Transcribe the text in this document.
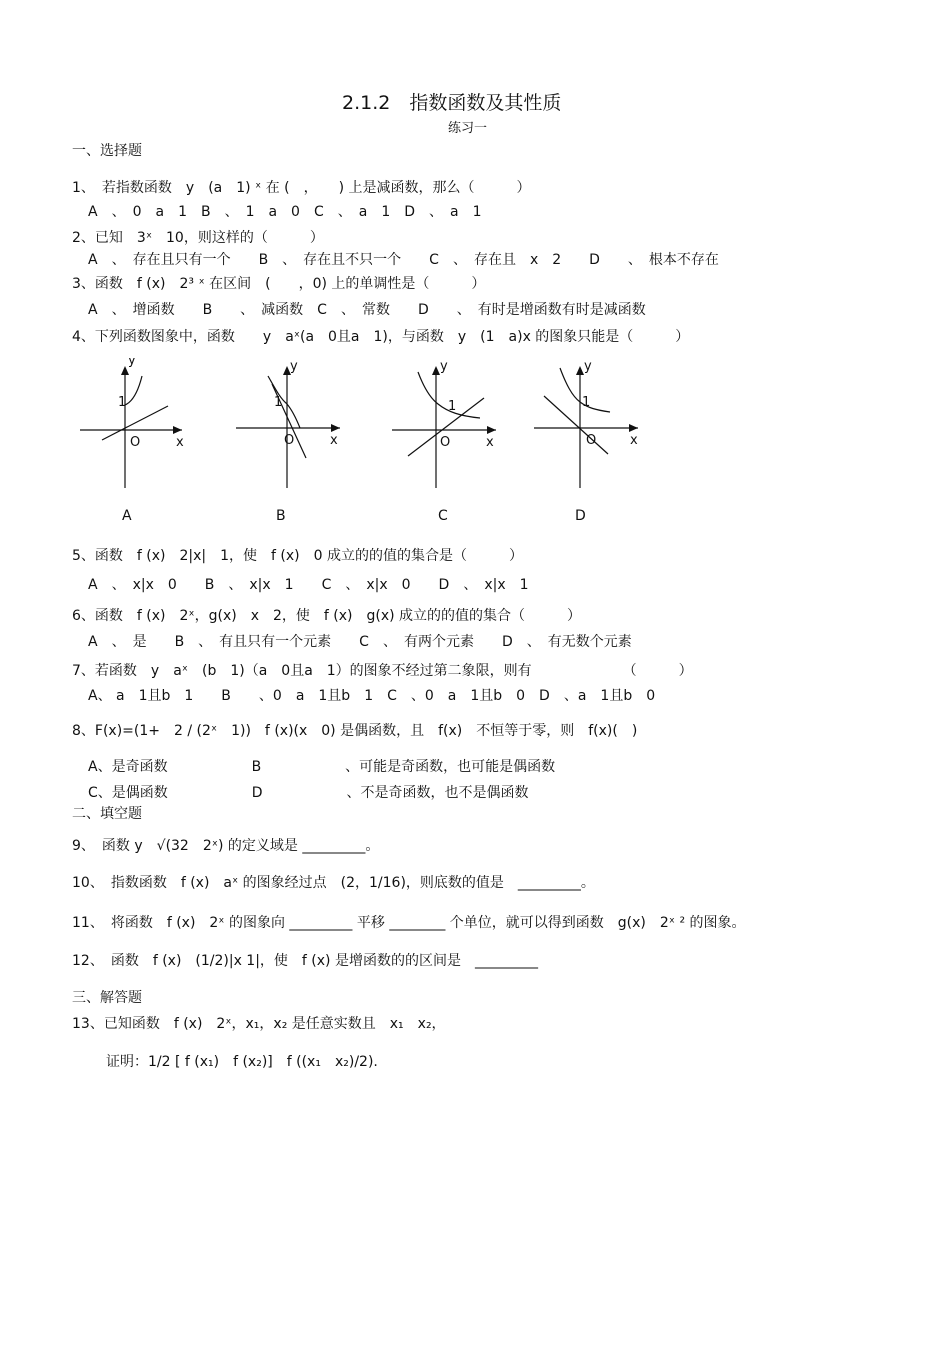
2.1.2　指数函数及其性质
练习一
一、选择题
1、　若指数函数　y　(a　1) ˣ 在 (　，　　) 上是减函数，那么（　　　）
A　、　0　a　1　B　、　1　a　0　C　、　a　1　D　、　a　1
2、已知　3ˣ　10，则这样的（　　　）
A　、　存在且只有一个　　B　、　存在且不只一个　　C　、　存在且　x　2　　D　　、　根本不存在
3、函数　f (x)　2³ ˣ 在区间　(　　，0) 上的单调性是（　　　）
A　、　增函数　　B　　、　减函数　C　、　常数　　D　　、　有时是增函数有时是减函数
4、下列函数图象中，函数　　y　aˣ(a　0且a　1)，与函数　y　(1　a)x 的图象只能是（　　　）
y
1
O	x
y
1
O	x
y
1
O	x
y
1
O	x
A	B	C	D
5、函数　f (x)　2|x|　1，使　f (x)　0 成立的的值的集合是（　　　）
A　、　x|x　0　　B　、　x|x　1　　C　、　x|x　0　　D　、　x|x　1
6、函数　f (x)　2ˣ，g(x)　x　2，使　f (x)　g(x) 成立的的值的集合（　　　）
A　、　是　　B　、　有且只有一个元素　　C　、　有两个元素　　D　、　有无数个元素
7、若函数　y　aˣ　(b　1)（a　0且a　1）的图象不经过第二象限，则有　　　　　　　（　　　）
A、 a　1且b　1　　B　　、0　a　1且b　1　C　、0　a　1且b　0　D　、a　1且b　0
8、F(x)=(1+　2 / (2ˣ　1))　f (x)(x　0) 是偶函数，且　f(x)　不恒等于零，则　f(x)(　)
A、是奇函数　　　　　　B　　　　　　、可能是奇函数，也可能是偶函数
C、是偶函数　　　　　　D　　　　　　、不是奇函数，也不是偶函数
二、填空题
9、　函数 y　√(32　2ˣ) 的定义域是 _________。
10、　指数函数　f (x)　aˣ 的图象经过点　(2，1/16)，则底数的值是　_________。
11、　将函数　f (x)　2ˣ 的图象向 _________ 平移 ________ 个单位，就可以得到函数　g(x)　2ˣ ² 的图象。
12、　函数　f (x)　(1/2)|x 1|，使　f (x) 是增函数的的区间是　_________
三、解答题
13、已知函数　f (x)　2ˣ，x₁，x₂ 是任意实数且　x₁　x₂，
证明：1/2 [ f (x₁)　f (x₂)]　f ((x₁　x₂)/2).
